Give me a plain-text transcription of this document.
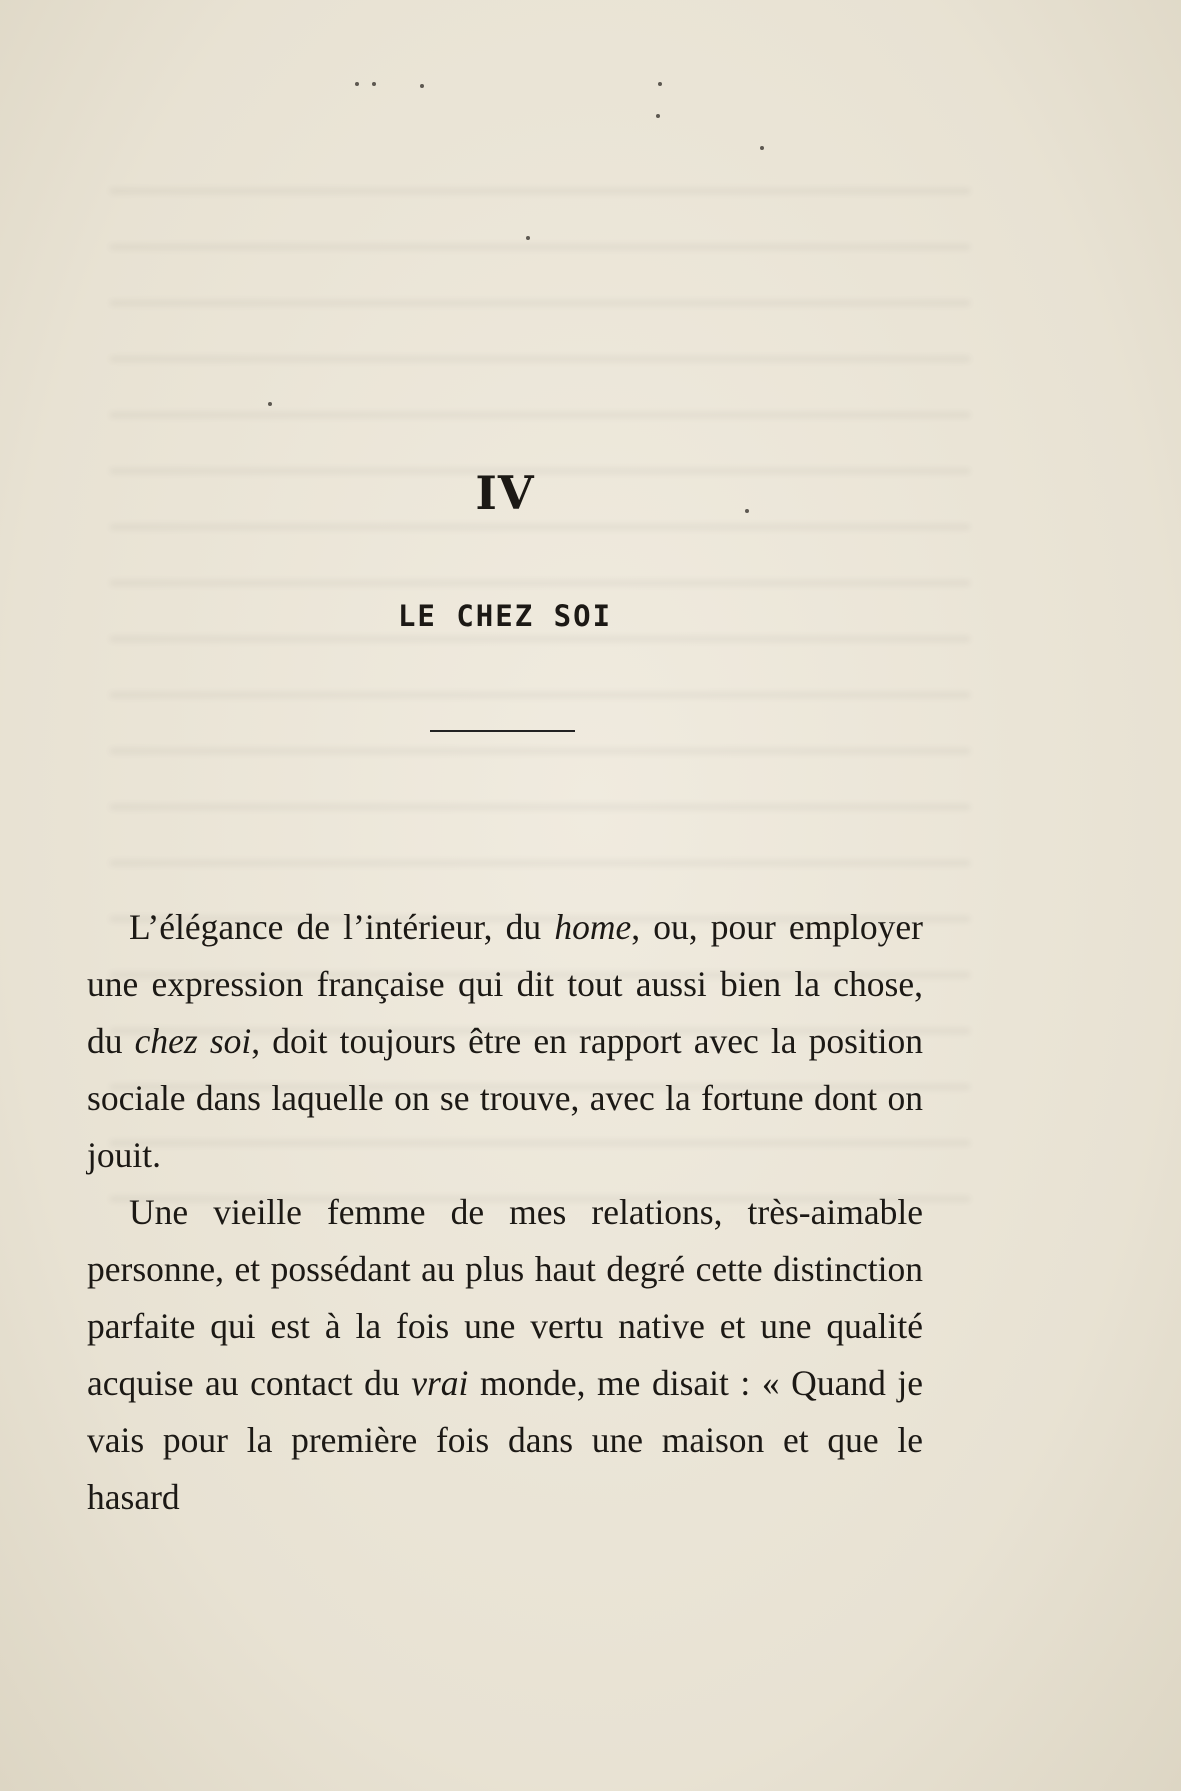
IV
LE CHEZ SOI

L’élégance de l’intérieur, du home, ou, pour employer une expression française qui dit tout aussi bien la chose, du chez soi, doit toujours être en rapport avec la position sociale dans laquelle on se trouve, avec la fortune dont on jouit.

Une vieille femme de mes relations, très-aimable personne, et possédant au plus haut degré cette distinction parfaite qui est à la fois une vertu native et une qualité acquise au contact du vrai monde, me disait : « Quand je vais pour la première fois dans une maison et que le hasard
